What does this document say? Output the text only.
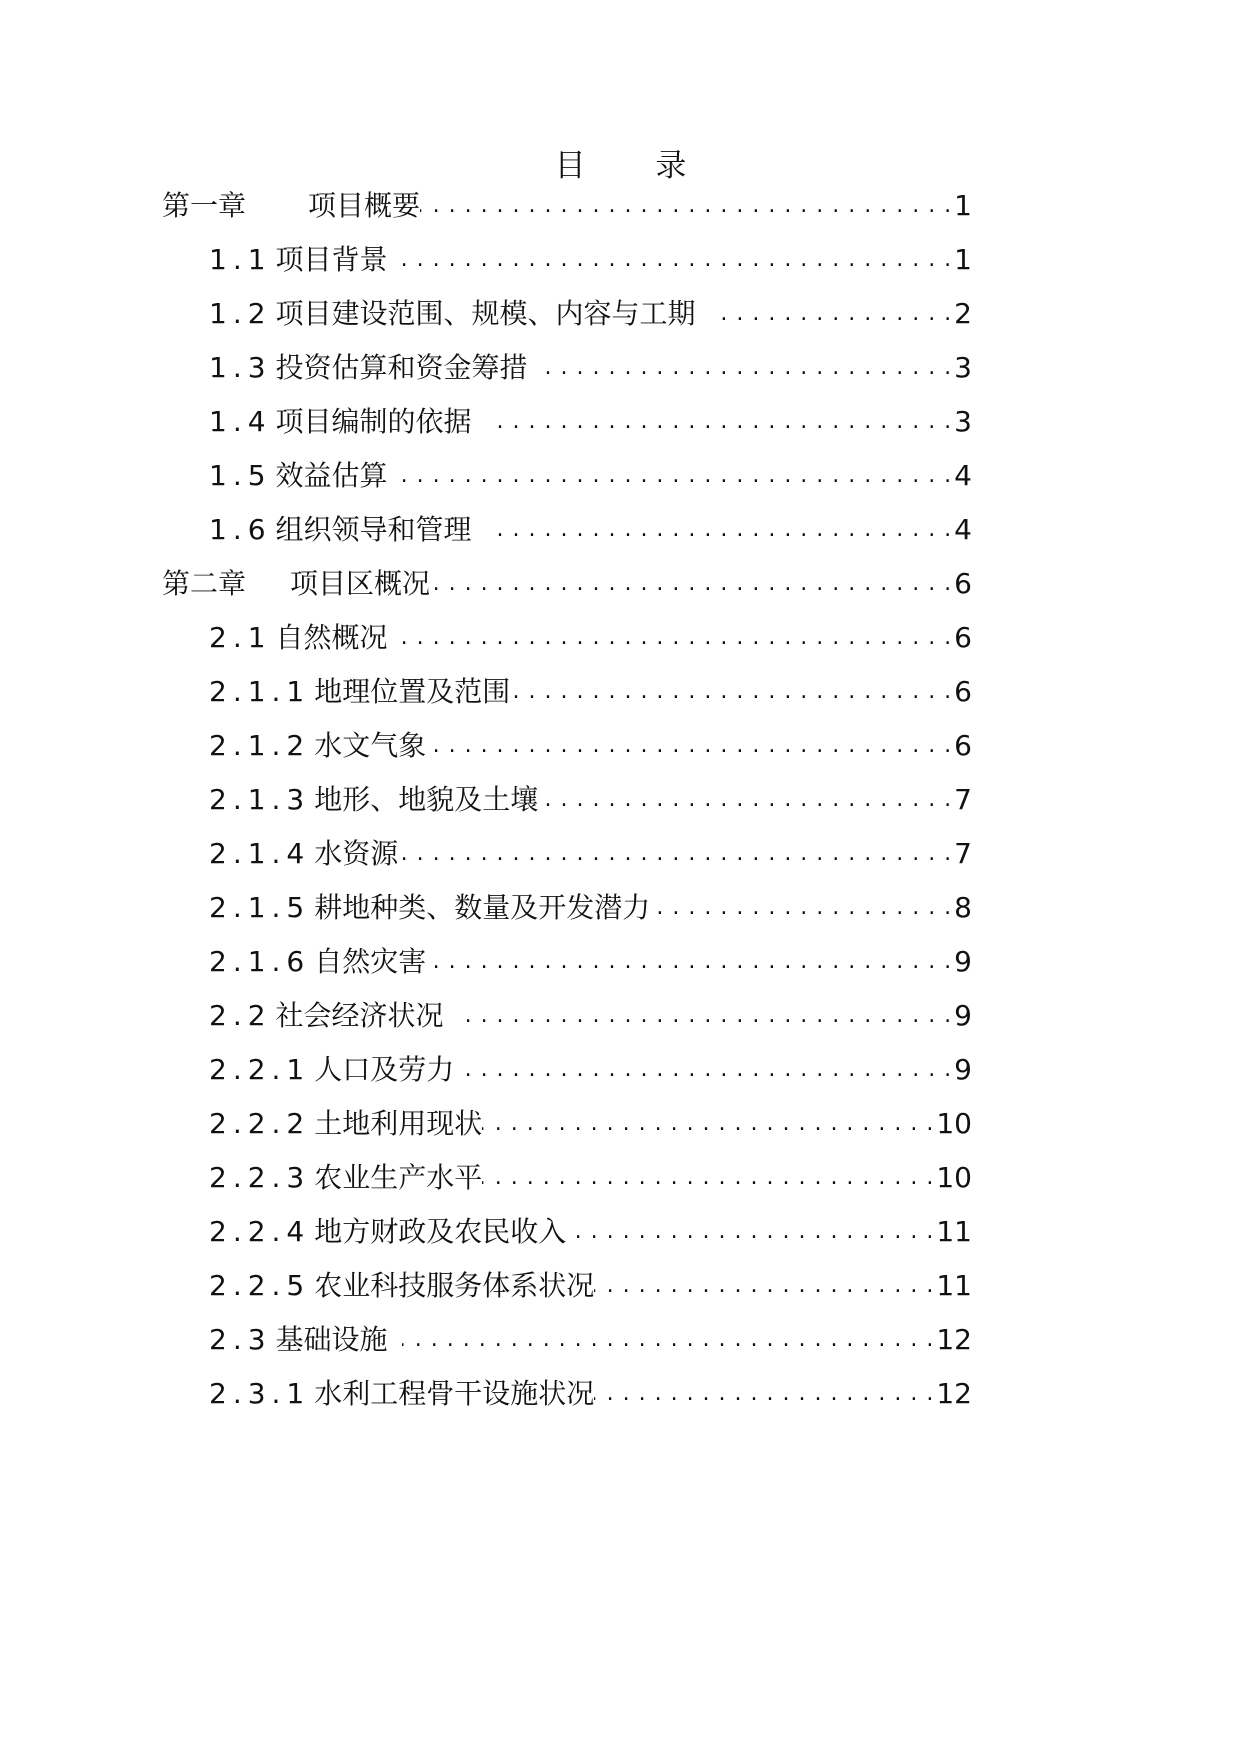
目 录
第一章 项目概要 . . .	1
1.1 项目背景 . . .	1
1.2 项目建设范围、规模、内容与工期 . . .	2
1.3 投资估算和资金筹措 . . .	3
1.4 项目编制的依据 . . .	3
1.5 效益估算 . . .	4
1.6 组织领导和管理 . . .	4
第二章 项目区概况 . . .	6
2.1 自然概况 . . .	6
2.1.1 地理位置及范围 . . .	6
2.1.2 水文气象 . . .	6
2.1.3 地形、地貌及土壤 . . .	7
2.1.4 水资源 . . .	7
2.1.5 耕地种类、数量及开发潜力 . . .	8
2.1.6 自然灾害 . . .	9
2.2 社会经济状况 . . .	9
2.2.1 人口及劳力 . . .	9
2.2.2 土地利用现状 . . .	10
2.2.3 农业生产水平 . . .	10
2.2.4 地方财政及农民收入 . . .	11
2.2.5 农业科技服务体系状况 . . .	11
2.3 基础设施 . . .	12
2.3.1 水利工程骨干设施状况 . . .	12
